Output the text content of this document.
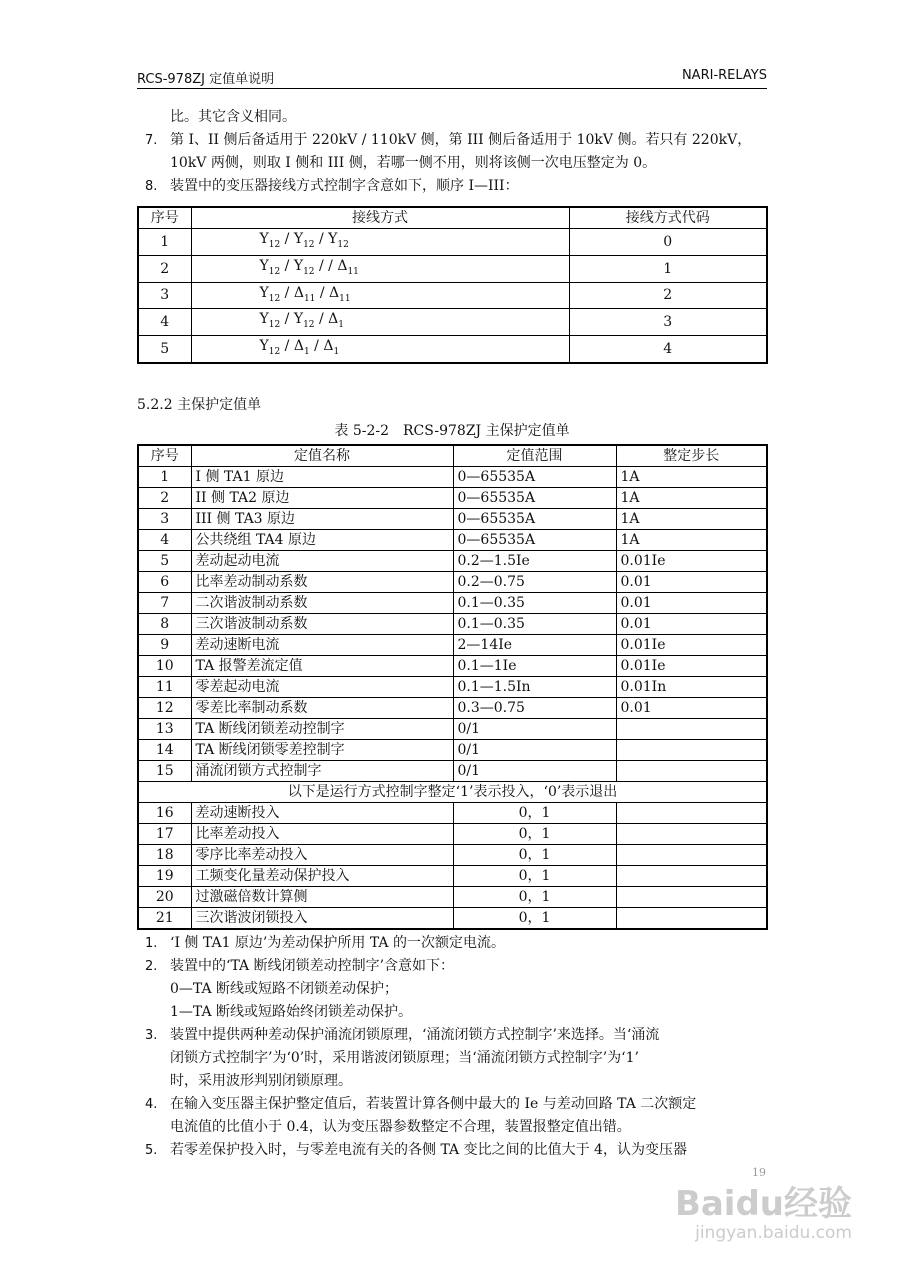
RCS-978ZJ 定值单说明	NARI-RELAYS
比。其它含义相同。
7. 第 I、II 侧后备适用于 220kV / 110kV 侧，第 III 侧后备适用于 10kV 侧。若只有 220kV，10kV 两侧，则取 I 侧和 III 侧，若哪一侧不用，则将该侧一次电压整定为 0。
8. 装置中的变压器接线方式控制字含意如下，顺序 I—III：
序号	接线方式	接线方式代码
1	$Y_{12} / Y_{12} / Y_{12}$	0
2	$Y_{12} / Y_{12}$ / / $\Delta_{11}$	1
3	$Y_{12} / \Delta_{11} / \Delta_{11}$	2
4	$Y_{12} / Y_{12} / \Delta_1$	3
5	$Y_{12} / \Delta_1 / \Delta_1$	4
5.2.2 主保护定值单
表 5-2-2　RCS-978ZJ 主保护定值单
序号	定值名称	定值范围	整定步长
1	I 侧 TA1 原边	0—65535A	1A
2	II 侧 TA2 原边	0—65535A	1A
3	III 侧 TA3 原边	0—65535A	1A
4	公共绕组 TA4 原边	0—65535A	1A
5	差动起动电流	0.2—1.5Ie	0.01Ie
6	比率差动制动系数	0.2—0.75	0.01
7	二次谐波制动系数	0.1—0.35	0.01
8	三次谐波制动系数	0.1—0.35	0.01
9	差动速断电流	2—14Ie	0.01Ie
10	TA 报警差流定值	0.1—1Ie	0.01Ie
11	零差起动电流	0.1—1.5In	0.01In
12	零差比率制动系数	0.3—0.75	0.01
13	TA 断线闭锁差动控制字	0/1	
14	TA 断线闭锁零差控制字	0/1	
15	涌流闭锁方式控制字	0/1	
以下是运行方式控制字整定‘1’表示投入，‘0’表示退出			
16	差动速断投入	0，1	
17	比率差动投入	0，1	
18	零序比率差动投入	0，1	
19	工频变化量差动保护投入	0，1	
20	过激磁倍数计算侧	0，1	
21	三次谐波闭锁投入	0，1	
1. ‘I 侧 TA1 原边’为差动保护所用 TA 的一次额定电流。
2. 装置中的‘TA 断线闭锁差动控制字’含意如下：
0—TA 断线或短路不闭锁差动保护；
1—TA 断线或短路始终闭锁差动保护。
3. 装置中提供两种差动保护涌流闭锁原理，‘涌流闭锁方式控制字’来选择。当‘涌流
闭锁方式控制字’为‘0’时，采用谐波闭锁原理；当‘涌流闭锁方式控制字’为‘1’
时，采用波形判别闭锁原理。
4. 在输入变压器主保护整定值后，若装置计算各侧中最大的 Ie 与差动回路 TA 二次额定
电流值的比值小于 0.4，认为变压器参数整定不合理，装置报整定值出错。
5. 若零差保护投入时，与零差电流有关的各侧 TA 变比之间的比值大于 4，认为变压器
19
Baidu经验
jingyan.baidu.com
